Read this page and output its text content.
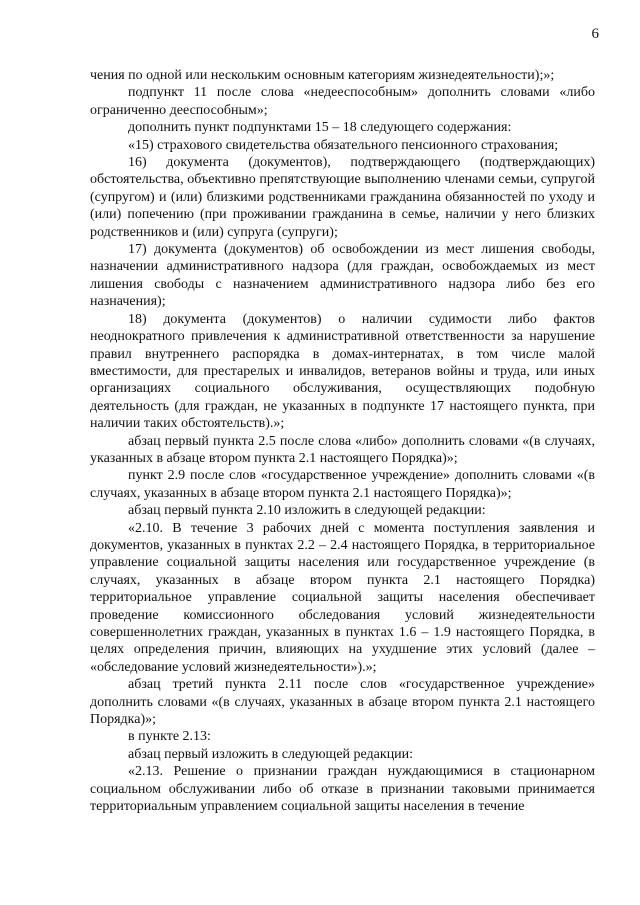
6

чения по одной или нескольким основным категориям жизнедеятельности);»;

подпункт 11 после слова «недееспособным» дополнить словами «либо ограниченно дееспособным»;

дополнить пункт подпунктами 15 – 18 следующего содержания:

«15) страхового свидетельства обязательного пенсионного страхования;

16) документа (документов), подтверждающего (подтверждающих) обстоятельства, объективно препятствующие выполнению членами семьи, супругой (супругом) и (или) близкими родственниками гражданина обязанностей по уходу и (или) попечению (при проживании гражданина в семье, наличии у него близких родственников и (или) супруга (супруги);

17) документа (документов) об освобождении из мест лишения свободы, назначении административного надзора (для граждан, освобождаемых из мест лишения свободы с назначением административного надзора либо без его назначения);

18) документа (документов) о наличии судимости либо фактов неоднократного привлечения к административной ответственности за нарушение правил внутреннего распорядка в домах-интернатах, в том числе малой вместимости, для престарелых и инвалидов, ветеранов войны и труда, или иных организациях социального обслуживания, осуществляющих подобную деятельность (для граждан, не указанных в подпункте 17 настоящего пункта, при наличии таких обстоятельств).»;

абзац первый пункта 2.5 после слова «либо» дополнить словами «(в случаях, указанных в абзаце втором пункта 2.1 настоящего Порядка)»;

пункт 2.9 после слов «государственное учреждение» дополнить словами «(в случаях, указанных в абзаце втором пункта 2.1 настоящего Порядка)»;

абзац первый пункта 2.10 изложить в следующей редакции:

«2.10. В течение 3 рабочих дней с момента поступления заявления и документов, указанных в пунктах 2.2 – 2.4 настоящего Порядка, в территориальное управление социальной защиты населения или государственное учреждение (в случаях, указанных в абзаце втором пункта 2.1 настоящего Порядка) территориальное управление социальной защиты населения обеспечивает проведение комиссионного обследования условий жизнедеятельности совершеннолетних граждан, указанных в пунктах 1.6 – 1.9 настоящего Порядка, в целях определения причин, влияющих на ухудшение этих условий (далее – «обследование условий жизнедеятельности»).»;

абзац третий пункта 2.11 после слов «государственное учреждение» дополнить словами «(в случаях, указанных в абзаце втором пункта 2.1 настоящего Порядка)»;

в пункте 2.13:

абзац первый изложить в следующей редакции:

«2.13. Решение о признании граждан нуждающимися в стационарном социальном обслуживании либо об отказе в признании таковыми принимается территориальным управлением социальной защиты населения в течение
